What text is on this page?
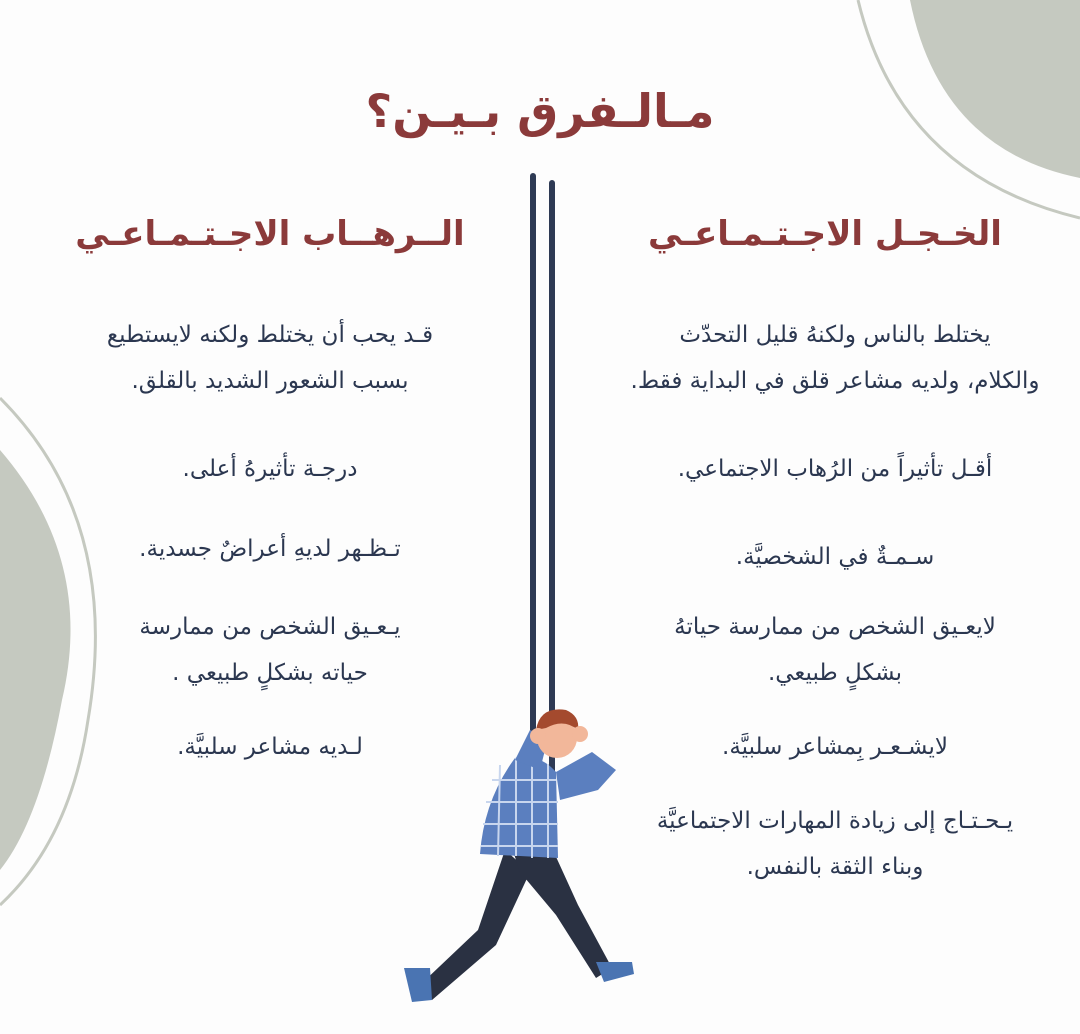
مـالـفرق بـيـن؟
الخـجـل الاجـتـمـاعـي
الــرهــاب الاجـتـمـاعـي
يختلط بالناس ولكنهُ قليل التحدّث
والكلام، ولديه مشاعر قلق في البداية فقط.
أقـل تأثيراً من الرُهاب الاجتماعي.
سـمـةٌ في الشخصيَّة.
لايعـيق الشخص من ممارسة حياتهُ
بشكلٍ طبيعي.
لايشـعـر بِمشاعر سلبيَّة.
يـحـتـاج إلى زيادة المهارات الاجتماعيَّة
وبناء الثقة بالنفس.
قـد يحب أن يختلط ولكنه لايستطيع
بسبب الشعور الشديد بالقلق.
درجـة تأثيرهُ أعلى.
تـظـهر لديهِ أعراضٌ جسدية.
يـعـيق الشخص من ممارسة
حياته بشكلٍ طبيعي .
لـديه مشاعر سلبيَّة.
